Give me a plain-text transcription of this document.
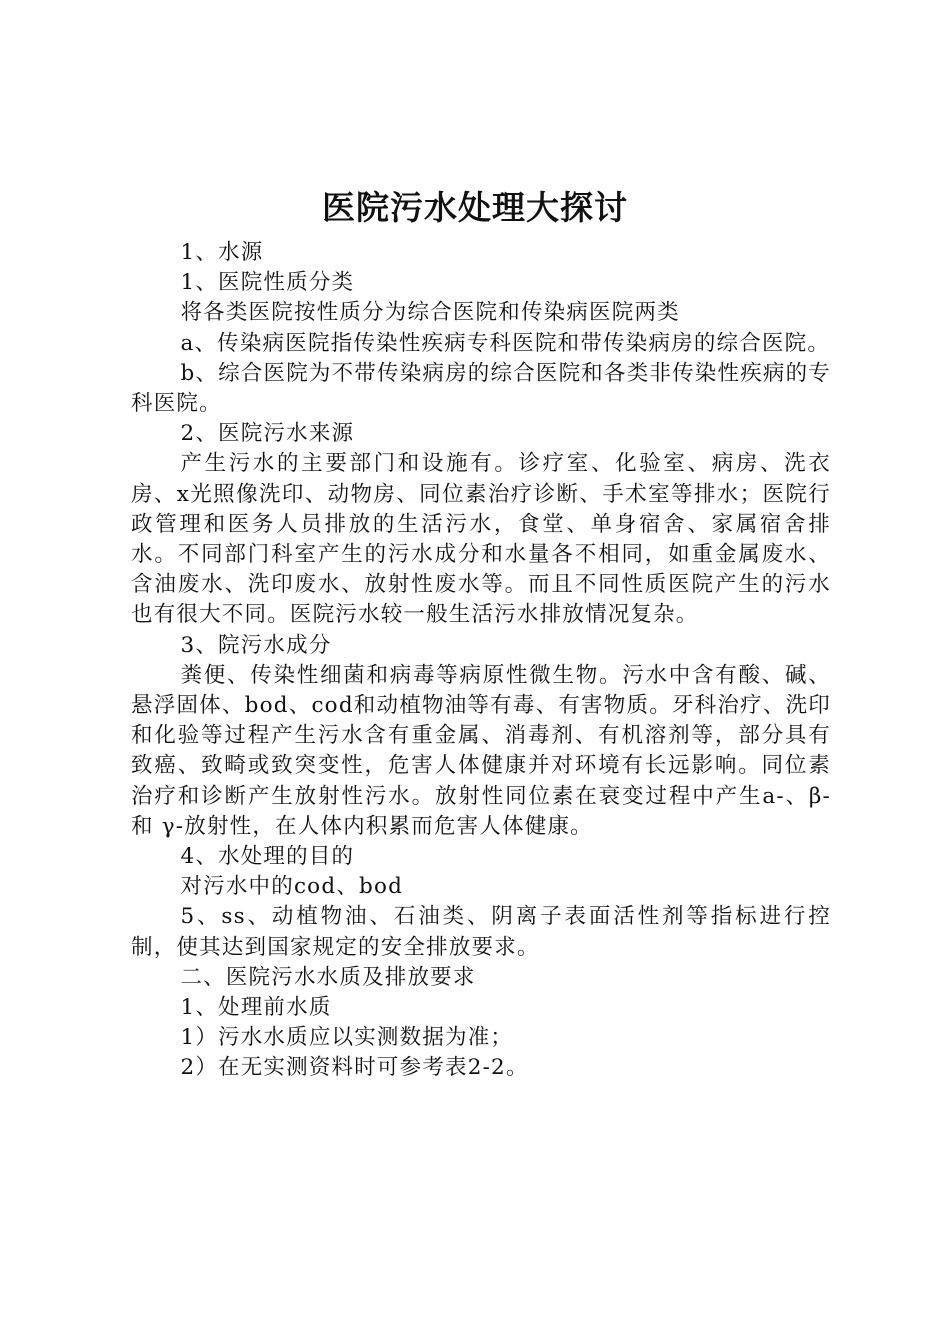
医院污水处理大探讨

1、水源

1、医院性质分类

将各类医院按性质分为综合医院和传染病医院两类

a、传染病医院指传染性疾病专科医院和带传染病房的综合医院。

b、综合医院为不带传染病房的综合医院和各类非传染性疾病的专科医院。

2、医院污水来源

产生污水的主要部门和设施有。诊疗室、化验室、病房、洗衣房、x光照像洗印、动物房、同位素治疗诊断、手术室等排水；医院行政管理和医务人员排放的生活污水，食堂、单身宿舍、家属宿舍排水。不同部门科室产生的污水成分和水量各不相同，如重金属废水、含油废水、洗印废水、放射性废水等。而且不同性质医院产生的污水也有很大不同。医院污水较一般生活污水排放情况复杂。

3、院污水成分

粪便、传染性细菌和病毒等病原性微生物。污水中含有酸、碱、悬浮固体、bod、cod和动植物油等有毒、有害物质。牙科治疗、洗印和化验等过程产生污水含有重金属、消毒剂、有机溶剂等，部分具有致癌、致畸或致突变性，危害人体健康并对环境有长远影响。同位素治疗和诊断产生放射性污水。放射性同位素在衰变过程中产生a-、β-和 γ-放射性，在人体内积累而危害人体健康。

4、水处理的目的

对污水中的cod、bod

5、ss、动植物油、石油类、阴离子表面活性剂等指标进行控制，使其达到国家规定的安全排放要求。

二、医院污水水质及排放要求

1、处理前水质

1）污水水质应以实测数据为准；

2）在无实测资料时可参考表2-2。
